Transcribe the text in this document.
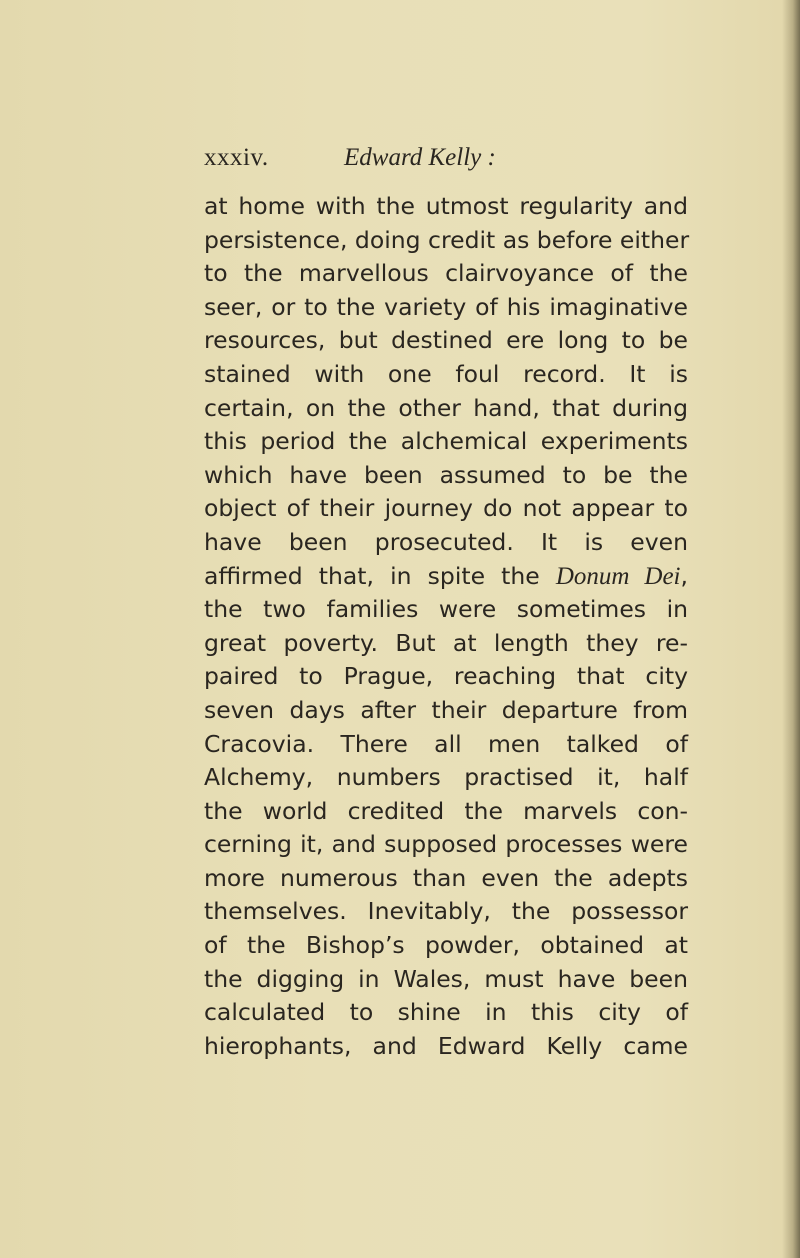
xxxiv.	Edward Kelly :
at home with the utmost regularity and
persistence, doing credit as before either
to the marvellous clairvoyance of the
seer, or to the variety of his imaginative
resources, but destined ere long to be
stained with one foul record. It is
certain, on the other hand, that during
this period the alchemical experiments
which have been assumed to be the
object of their journey do not appear to
have been prosecuted. It is even
affirmed that, in spite the Donum Dei,
the two families were sometimes in
great poverty. But at length they re-
paired to Prague, reaching that city
seven days after their departure from
Cracovia. There all men talked of
Alchemy, numbers practised it, half
the world credited the marvels con-
cerning it, and supposed processes were
more numerous than even the adepts
themselves. Inevitably, the possessor
of the Bishop’s powder, obtained at
the digging in Wales, must have been
calculated to shine in this city of
hierophants, and Edward Kelly came
